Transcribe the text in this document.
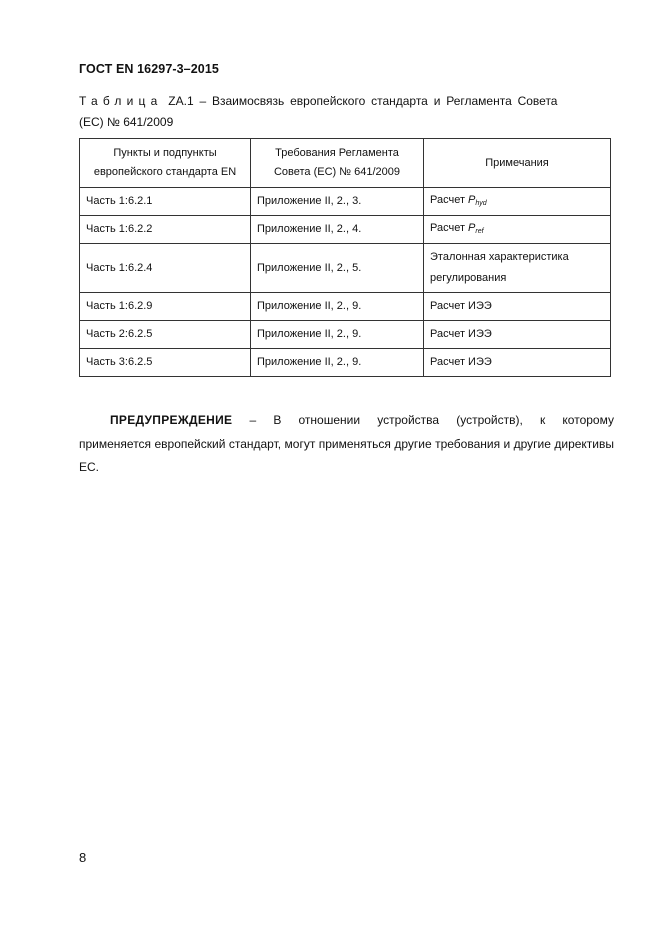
ГОСТ EN 16297-3–2015
Таблица ZA.1 – Взаимосвязь европейского стандарта и Регламента Совета
(ЕС) № 641/2009
Пункты и подпункты европейского стандарта EN	Требования Регламента Совета (ЕС) № 641/2009	Примечания
Часть 1:6.2.1	Приложение II, 2., 3.	Расчет $P_{hyd}$
Часть 1:6.2.2	Приложение II, 2., 4.	Расчет $P_{ref}$
Часть 1:6.2.4	Приложение II, 2., 5.	Эталонная характеристика регулирования
Часть 1:6.2.9	Приложение II, 2., 9.	Расчет ИЭЭ
Часть 2:6.2.5	Приложение II, 2., 9.	Расчет ИЭЭ
Часть 3:6.2.5	Приложение II, 2., 9.	Расчет ИЭЭ
ПРЕДУПРЕЖДЕНИЕ – В отношении устройства (устройств), к которому
применяется европейский стандарт, могут применяться другие требования и другие директивы ЕС.
8
